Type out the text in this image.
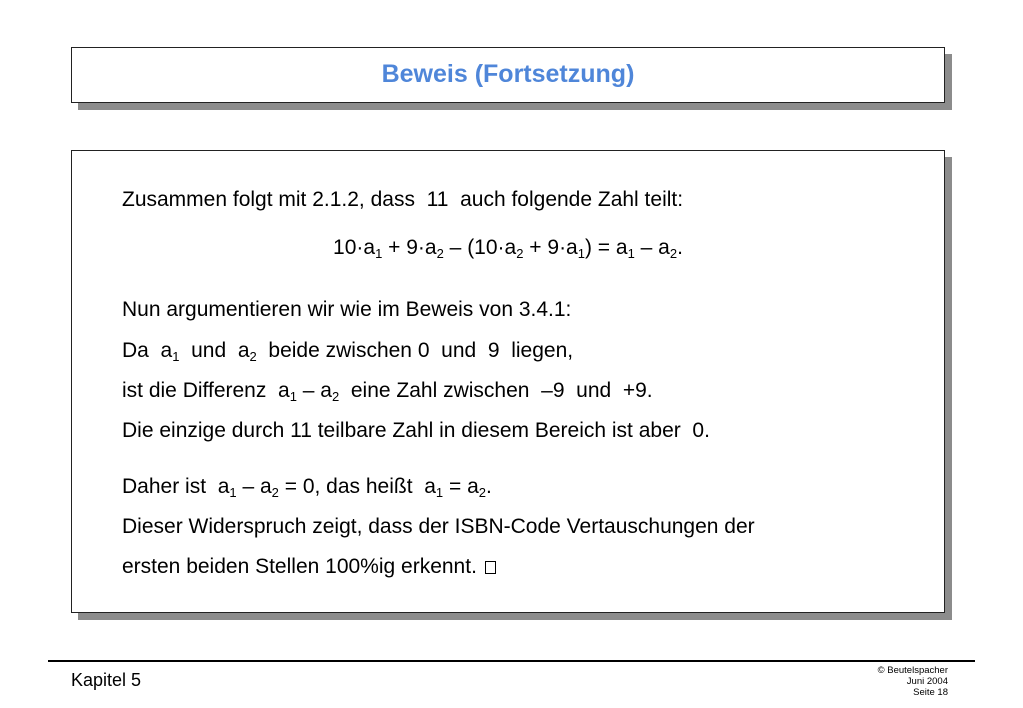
Beweis (Fortsetzung)
Zusammen folgt mit 2.1.2, dass  11  auch folgende Zahl teilt:
$10\cdot a_1 + 9\cdot a_2 - (10\cdot a_2 + 9\cdot a_1) = a_1 - a_2$.
Nun argumentieren wir wie im Beweis von 3.4.1:
Da  $a_1$  und  $a_2$  beide zwischen 0  und  9  liegen,
ist die Differenz  $a_1 - a_2$  eine Zahl zwischen  –9  und  +9.
Die einzige durch 11 teilbare Zahl in diesem Bereich ist aber  0.
Daher ist  $a_1 - a_2 = 0$, das heißt  $a_1 = a_2$.
Dieser Widerspruch zeigt, dass der ISBN-Code Vertauschungen der
ersten beiden Stellen 100%ig erkennt.
Kapitel 5	© Beutelspacher
Juni 2004
Seite 18
